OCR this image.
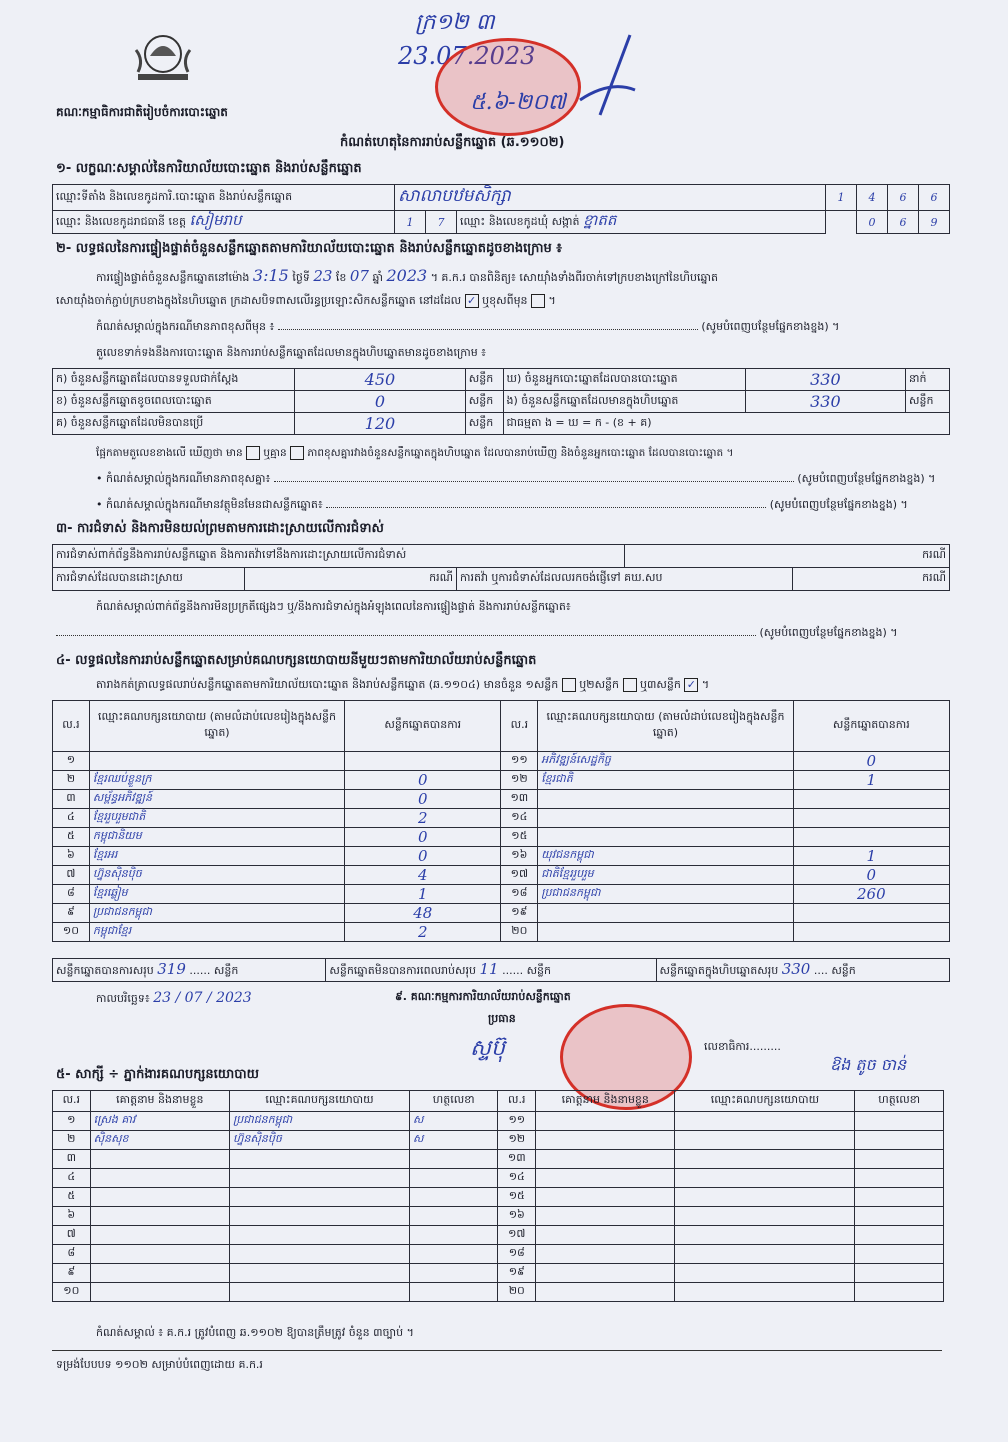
គណៈកម្មាធិការជាតិរៀបចំការបោះឆ្នោត
ក្រ១២ ៣
23.07.2023
៥.៦-២០៧
កំណត់ហេតុនៃការរាប់សន្លឹកឆ្នោត (ឆ.១១០២)
១- លក្ខណៈសម្គាល់នៃការិយាល័យបោះឆ្នោត និងរាប់សន្លឹកឆ្នោត
ឈ្មោះទីតាំង និងលេខកូដការិ.បោះឆ្នោត និងរាប់សន្លឹកឆ្នោត	សាលាបឋមសិក្សា			1	4	6	6
ឈ្មោះ និងលេខកូដរាជធានី ខេត្ត សៀមរាប	1	7	ឈ្មោះ និងលេខកូដឃុំ សង្កាត់ ខ្នាតត		0	6	9
២- លទ្ធផលនៃការផ្ទៀងផ្ទាត់ចំនួនសន្លឹកឆ្នោតតាមការិយាល័យបោះឆ្នោត និងរាប់សន្លឹកឆ្នោតដូចខាងក្រោម ៖
ការផ្ទៀងផ្ទាត់ចំនួនសន្លឹកឆ្នោតនៅម៉ោង 3:15 ថ្ងៃទី 23 ខែ 07 ឆ្នាំ 2023 ។ គ.ក.រ បានពិនិត្យ៖ សោយ៉ាំងទាំងពីរចាក់ទៅក្របខាងក្រៅនៃហិបឆ្នោត
សោយ៉ាំងចាក់ភ្ជាប់ក្របខាងក្នុងនៃហិបឆ្នោត ក្រដាសបិទពាសលើរន្ធប្រឡោះសិកសន្លឹកឆ្នោត នៅដដែល ✓ ឬខុសពីមុន  ។
កំណត់សម្គាល់ក្នុងករណីមានភាពខុសពីមុន ៖	(សូមបំពេញបន្ថែមផ្នែកខាងខ្នង) ។
តួលេខទាក់ទងនឹងការបោះឆ្នោត និងការរាប់សន្លឹកឆ្នោតដែលមានក្នុងហិបឆ្នោតមានដូចខាងក្រោម ៖
ក) ចំនួនសន្លឹកឆ្នោតដែលបានទទួលជាក់ស្តែង	450	សន្លឹក	ឃ) ចំនួនអ្នកបោះឆ្នោតដែលបានបោះឆ្នោត	330	នាក់
ខ) ចំនួនសន្លឹកឆ្នោតខូចពេលបោះឆ្នោត	0	សន្លឹក	ង) ចំនួនសន្លឹកឆ្នោតដែលមានក្នុងហិបឆ្នោត	330	សន្លឹក
គ) ចំនួនសន្លឹកឆ្នោតដែលមិនបានប្រើ	120	សន្លឹក	ជាធម្មតា ង = ឃ = ក - (ខ + គ)		
ផ្អែកតាមតួលេខខាងលើ ឃើញថា មាន ឬគ្មាន ភាពខុសគ្នារវាងចំនួនសន្លឹកឆ្នោតក្នុងហិបឆ្នោត ដែលបានរាប់ឃើញ និងចំនួនអ្នកបោះឆ្នោត ដែលបានបោះឆ្នោត ។
• កំណត់សម្គាល់ក្នុងករណីមានភាពខុសគ្នា៖	(សូមបំពេញបន្ថែមផ្នែកខាងខ្នង) ។
• កំណត់សម្គាល់ក្នុងករណីមានវត្ថុមិនមែនជាសន្លឹកឆ្នោត៖	(សូមបំពេញបន្ថែមផ្នែកខាងខ្នង) ។
៣- ការជំទាស់ និងការមិនយល់ព្រមតាមការដោះស្រាយលើការជំទាស់
ការជំទាស់ពាក់ព័ន្ធនឹងការរាប់សន្លឹកឆ្នោត និងការតវ៉ាទៅនឹងការដោះស្រាយលើការជំទាស់			ករណី	
ការជំទាស់ដែលបានដោះស្រាយ	ករណី	ការតវ៉ា ឬការជំទាស់ដែលលរកចង់ផ្ញើទៅ គឃ.សប		ករណី
កំណត់សម្គាល់ពាក់ព័ន្ធនឹងការមិនប្រក្រតីផ្សេងៗ ឬ/និងការជំទាស់ក្នុងអំឡុងពេលនៃការផ្ទៀងផ្ទាត់ និងការរាប់សន្លឹកឆ្នោត៖
(សូមបំពេញបន្ថែមផ្នែកខាងខ្នង) ។
៤- លទ្ធផលនៃការរាប់សន្លឹកឆ្នោតសម្រាប់គណបក្សនយោបាយនីមួយៗតាមការិយាល័យរាប់សន្លឹកឆ្នោត
តារាងកត់ត្រាលទ្ធផលរាប់សន្លឹកឆ្នោតតាមការិយាល័យបោះឆ្នោត និងរាប់សន្លឹកឆ្នោត (ឆ.១១០៤) មានចំនួន ១សន្លឹក ឬ២សន្លឹក ឬ៣សន្លឹក ✓ ។
ល.រ	ឈ្មោះគណបក្សនយោបាយ (តាមលំដាប់លេខរៀងក្នុងសន្លឹកឆ្នោត)	សន្លឹកឆ្នោតបានការ	ល.រ	ឈ្មោះគណបក្សនយោបាយ (តាមលំដាប់លេខរៀងក្នុងសន្លឹកឆ្នោត)	សន្លឹកឆ្នោតបានការ
១			១១	អភិវឌ្ឍន៍សេដ្ឋកិច្ច	0
២	ខ្មែរឈប់ខ្លួនក្រ	0	១២	ខ្មែរជាតិ	1
៣	សម្ព័ន្ធអភិវឌ្ឍន៍	0	១៣		
៤	ខ្មែររួបរួមជាតិ	2	១៤		
៥	កម្ពុជានិយម	0	១៥		
៦	ខ្មែរអរ	0	១៦	យុវជនកម្ពុជា	1
៧	ហ្វ៊ុនស៊ិនប៉ិច	4	១៧	ជាតិខ្មែររួបរួម	0
៨	ខ្មែរឆ្លៀម	1	១៨	ប្រជាជនកម្ពុជា	260
៩	ប្រជាជនកម្ពុជា	48	១៩		
១០	កម្ពុជាខ្មែរ	2	២០		
សន្លឹកឆ្នោតបានការសរុប 319 ...... សន្លឹក	សន្លឹកឆ្នោតមិនបានការពេលរាប់សរុប 11 ...... សន្លឹក	សន្លឹកឆ្នោតក្នុងហិបឆ្នោតសរុប 330 .... សន្លឹក
កាលបរិច្ឆេទ៖ 23 / 07 / 2023	៩. គណៈកម្មការការិយាល័យរាប់សន្លឹកឆ្នោត
ប្រធាន
ស្ទប៊ុ	លេខាធិការ.........
ឱង តូច ចាន់
៥- សាក្សី ÷ ភ្នាក់ងារគណបក្សនយោបាយ
ល.រ	គោត្តនាម និងនាមខ្លួន	ឈ្មោះគណបក្សនយោបាយ	ហត្ថលេខា	ល.រ	គោត្តនាម និងនាមខ្លួន	ឈ្មោះគណបក្សនយោបាយ	ហត្ថលេខា
១	ស្រេង គាវ	ប្រជាជនកម្ពុជា	ស	១១			
២	ស៊ិនសុខ	ហ្វ៊ុនស៊ិនប៉ិច	ស	១២			
៣				១៣			
៤				១៤			
៥				១៥			
៦				១៦			
៧				១៧			
៨				១៨			
៩				១៩			
១០				២០			
កំណត់សម្គាល់ ៖ គ.ក.រ ត្រូវបំពេញ ឆ.១១០២ ឱ្យបានត្រឹមត្រូវ ចំនួន ៣ច្បាប់ ។
ទម្រង់បែបបទ ១១០២ សម្រាប់បំពេញដោយ គ.ក.រ
